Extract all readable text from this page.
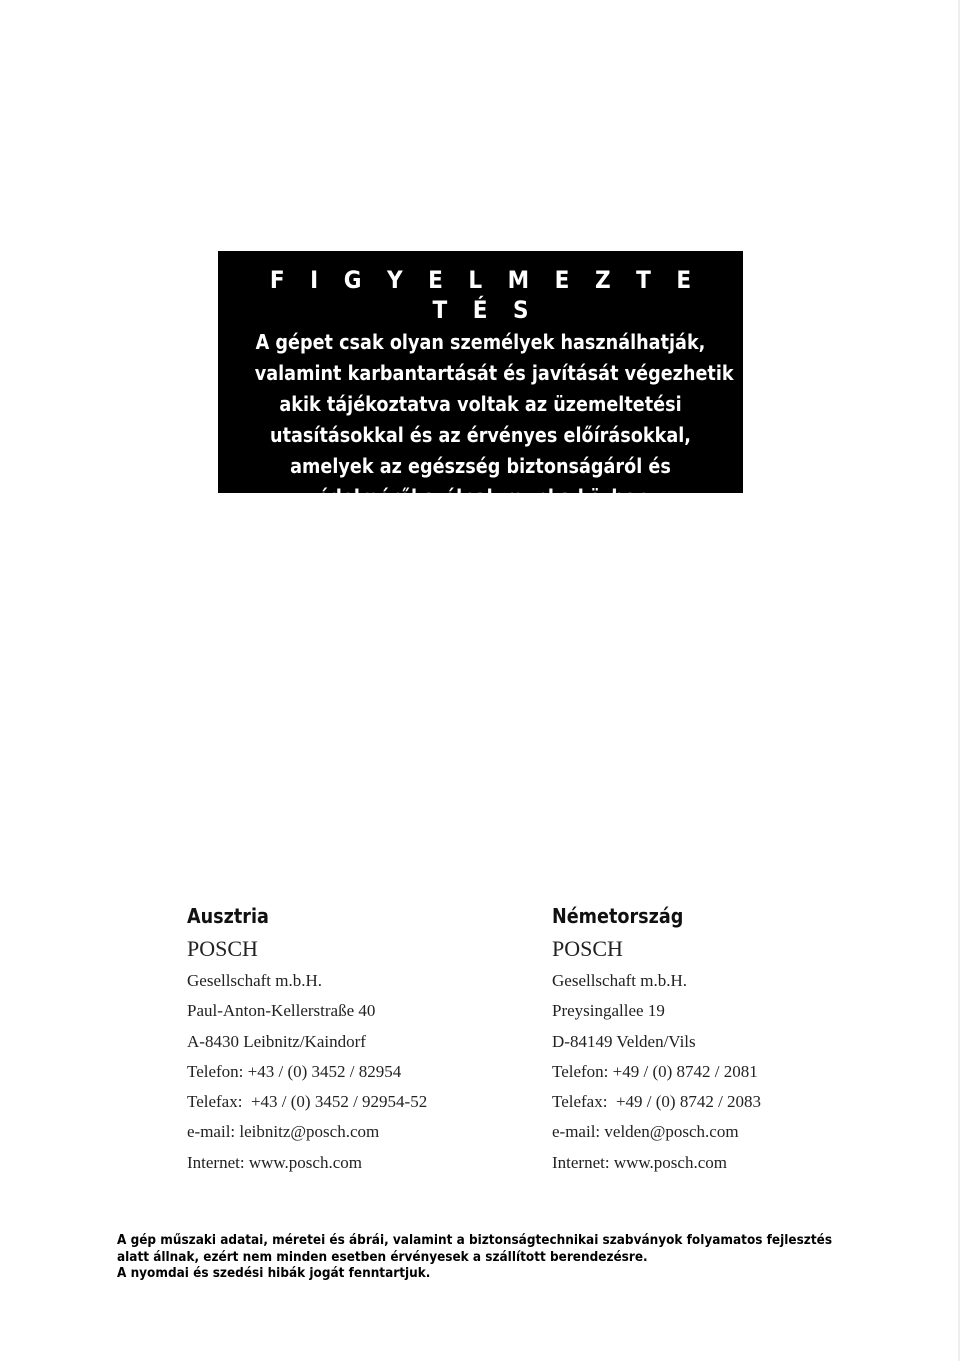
F I G Y E L M E Z T E T É S
A gépet csak olyan személyek használhatják,
valamint karbantartását és javítását végezhetik
akik tájékoztatva voltak az üzemeltetési
utasításokkal és az érvényes előírásokkal,
amelyek az egészség biztonságáról és
védelméről szólnak munka közben.
Ausztria
POSCH
Gesellschaft m.b.H.
Paul-Anton-Kellerstraße 40
A-8430 Leibnitz/Kaindorf
Telefon: +43 / (0) 3452 / 82954
Telefax:  +43 / (0) 3452 / 92954-52
e-mail: leibnitz@posch.com
Internet: www.posch.com
Németország
POSCH
Gesellschaft m.b.H.
Preysingallee 19
D-84149 Velden/Vils
Telefon: +49 / (0) 8742 / 2081
Telefax:  +49 / (0) 8742 / 2083
e-mail: velden@posch.com
Internet: www.posch.com
A gép műszaki adatai, méretei és ábrái, valamint a biztonságtechnikai szabványok folyamatos fejlesztés
alatt állnak, ezért nem minden esetben érvényesek a szállított berendezésre.
A nyomdai és szedési hibák jogát fenntartjuk.
